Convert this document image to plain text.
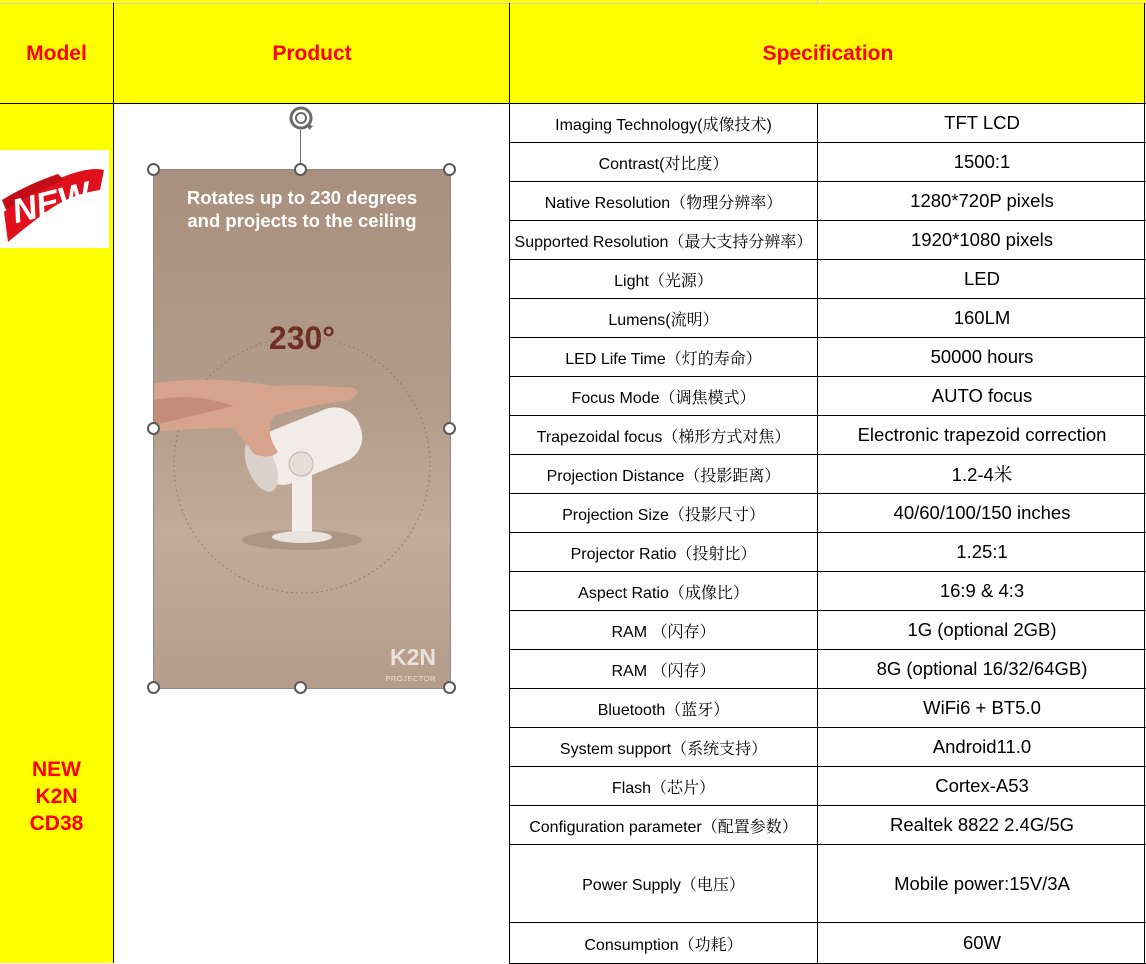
Model	Product	Specification
NEW
NEW
K2N
CD38
Rotates up to 230 degrees
and projects to the ceiling
230°
K2N
PROJECTOR
Imaging Technology(成像技术)	TFT LCD
Contrast(对比度）	1500:1
Native Resolution（物理分辨率）	1280*720P pixels
Supported Resolution（最大支持分辨率）	1920*1080 pixels
Light（光源）	LED
Lumens(流明）	160LM
LED Life Time（灯的寿命）	50000 hours
Focus Mode（调焦模式）	AUTO focus
Trapezoidal focus（梯形方式对焦）	Electronic trapezoid correction
Projection Distance（投影距离）	1.2-4米
Projection Size（投影尺寸）	40/60/100/150 inches
Projector Ratio（投射比）	1.25:1
Aspect Ratio（成像比）	16:9 & 4:3
RAM （闪存）	1G (optional 2GB)
RAM （闪存）	8G (optional 16/32/64GB)
Bluetooth（蓝牙）	WiFi6 + BT5.0
System support（系统支持）	Android11.0
Flash（芯片）	Cortex-A53
Configuration parameter（配置参数）	Realtek 8822 2.4G/5G
Power Supply（电压）	Mobile power:15V/3A
Consumption（功耗）	60W
